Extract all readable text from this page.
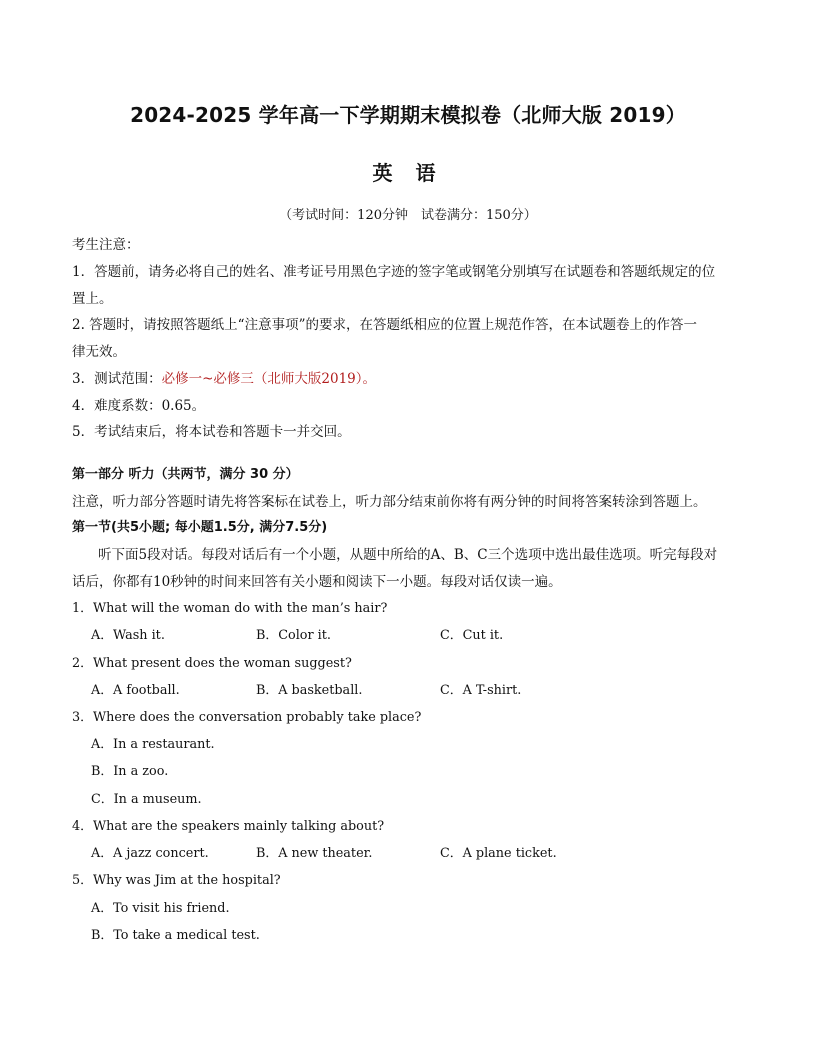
2024-2025 学年高一下学期期末模拟卷（北师大版 2019）
英 语
（考试时间：120分钟　试卷满分：150分）
考生注意：
1．答题前，请务必将自己的姓名、准考证号用黑色字迹的签字笔或钢笔分别填写在试题卷和答题纸规定的位
置上。
2. 答题时，请按照答题纸上“注意事项”的要求，在答题纸相应的位置上规范作答，在本试题卷上的作答一
律无效。
3．测试范围：必修一~必修三（北师大版2019）。
4．难度系数：0.65。
5．考试结束后，将本试卷和答题卡一并交回。
第一部分 听力（共两节，满分 30 分）
注意，听力部分答题时请先将答案标在试卷上，听力部分结束前你将有两分钟的时间将答案转涂到答题上。
第一节(共5小题; 每小题1.5分, 满分7.5分)
听下面5段对话。每段对话后有一个小题，从题中所给的A、B、C三个选项中选出最佳选项。听完每段对
话后，你都有10秒钟的时间来回答有关小题和阅读下一小题。每段对话仅读一遍。
1．What will the woman do with the man’s hair?
A．Wash it.	B．Color it.	C．Cut it.
2．What present does the woman suggest?
A．A football.	B．A basketball.	C．A T-shirt.
3．Where does the conversation probably take place?
A．In a restaurant.
B．In a zoo.
C．In a museum.
4．What are the speakers mainly talking about?
A．A jazz concert.	B．A new theater.	C．A plane ticket.
5．Why was Jim at the hospital?
A．To visit his friend.
B．To take a medical test.
